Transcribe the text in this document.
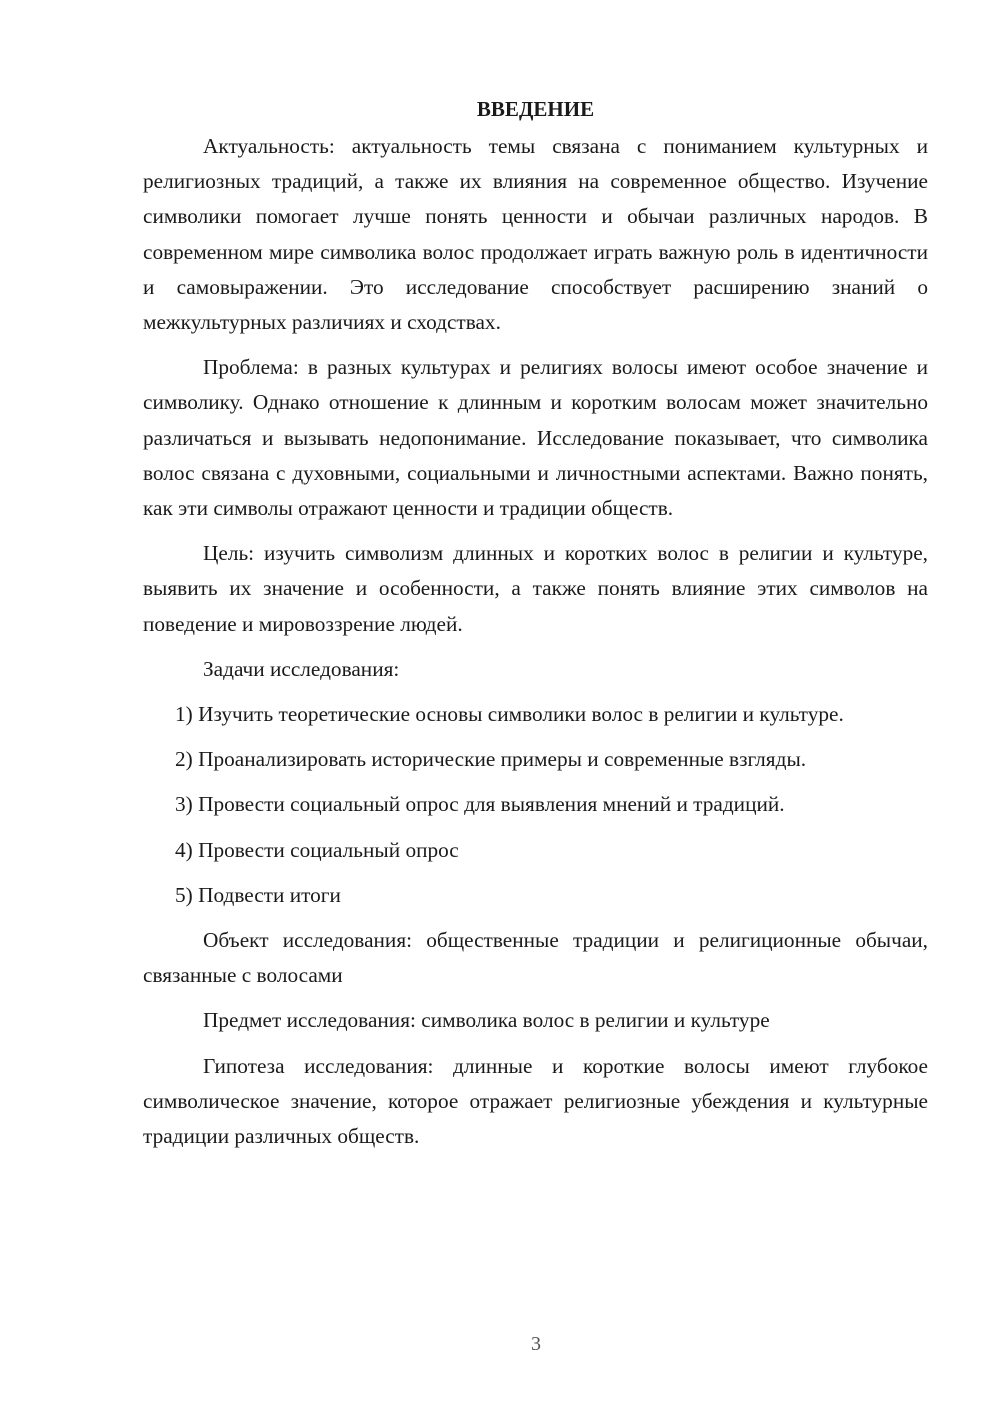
ВВЕДЕНИЕ

Актуальность: актуальность темы связана с пониманием культурных и религиозных традиций, а также их влияния на современное общество. Изучение символики помогает лучше понять ценности и обычаи различных народов. В современном мире символика волос продолжает играть важную роль в идентичности и самовыражении. Это исследование способствует расширению знаний о межкультурных различиях и сходствах.

Проблема: в разных культурах и религиях волосы имеют особое значение и символику. Однако отношение к длинным и коротким волосам может значительно различаться и вызывать недопонимание. Исследование показывает, что символика волос связана с духовными, социальными и личностными аспектами. Важно понять, как эти символы отражают ценности и традиции обществ.

Цель: изучить символизм длинных и коротких волос в религии и культуре, выявить их значение и особенности, а также понять влияние этих символов на поведение и мировоззрение людей.

Задачи исследования:

1) Изучить теоретические основы символики волос в религии и культуре.

2) Проанализировать исторические примеры и современные взгляды.

3) Провести социальный опрос для выявления мнений и традиций.

4) Провести социальный опрос

5) Подвести итоги

Объект исследования: общественные традиции и религиционные обычаи, связанные с волосами

Предмет исследования: символика волос в религии и культуре

Гипотеза исследования: длинные и короткие волосы имеют глубокое символическое значение, которое отражает религиозные убеждения и культурные традиции различных обществ.

3
